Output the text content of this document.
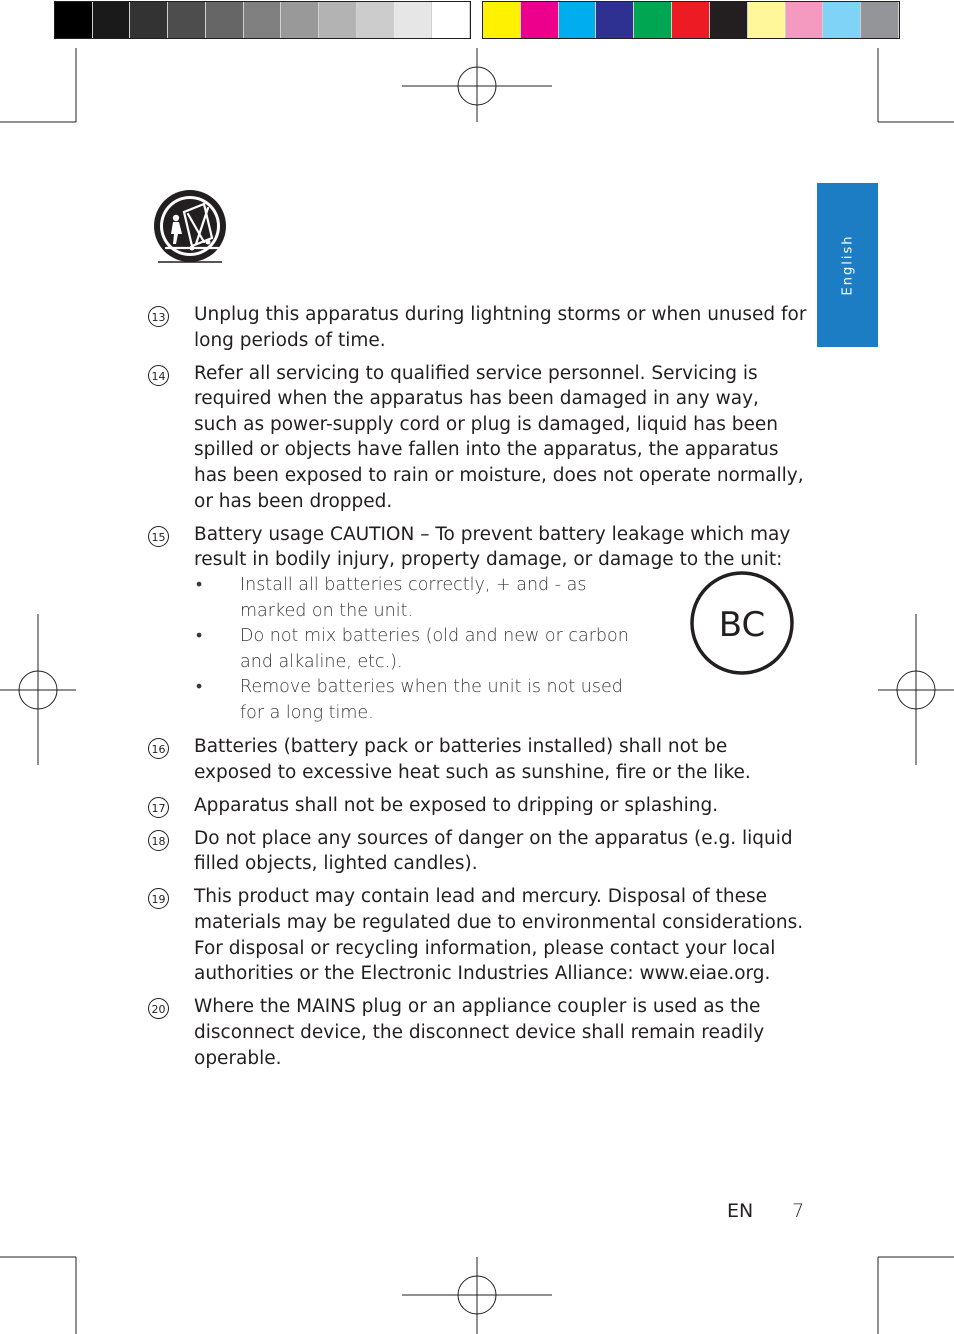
English
13 Unplug this apparatus during lightning storms or when unused for long periods of time.
14 Refer all servicing to qualified service personnel. Servicing is required when the apparatus has been damaged in any way, such as power-supply cord or plug is damaged, liquid has been spilled or objects have fallen into the apparatus, the apparatus has been exposed to rain or moisture, does not operate normally, or has been dropped.
15 Battery usage CAUTION – To prevent battery leakage which may result in bodily injury, property damage, or damage to the unit:
• Install all batteries correctly, + and - as marked on the unit.
• Do not mix batteries (old and new or carbon and alkaline, etc.).
• Remove batteries when the unit is not used for a long time.
16 Batteries (battery pack or batteries installed) shall not be exposed to excessive heat such as sunshine, fire or the like.
17 Apparatus shall not be exposed to dripping or splashing.
18 Do not place any sources of danger on the apparatus (e.g. liquid filled objects, lighted candles).
19 This product may contain lead and mercury. Disposal of these materials may be regulated due to environmental considerations. For disposal or recycling information, please contact your local authorities or the Electronic Industries Alliance: www.eiae.org.
20 Where the MAINS plug or an appliance coupler is used as the disconnect device, the disconnect device shall remain readily operable.
BC
EN 7
